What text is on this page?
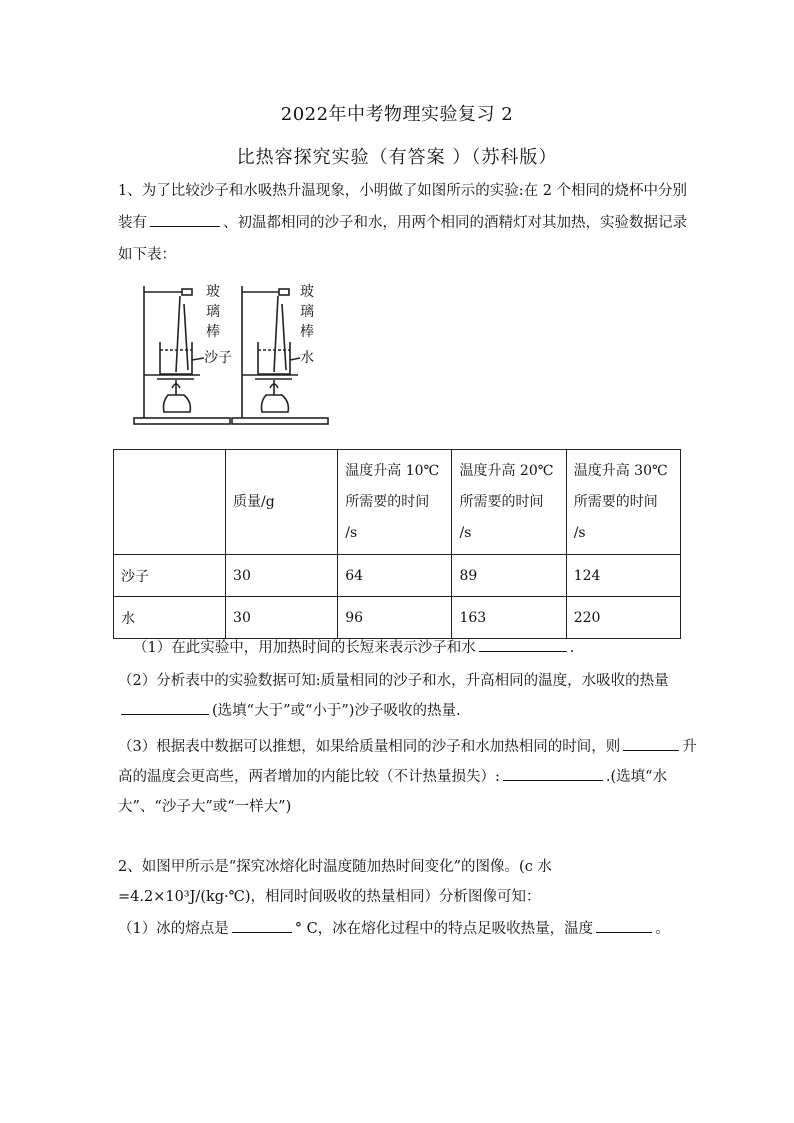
2022年中考物理实验复习 2
比热容探究实验（有答案 ）（苏科版）
1、为了比较沙子和水吸热升温现象，小明做了如图所示的实验:在 2 个相同的烧杯中分别装有	、初温都相同的沙子和水，用两个相同的酒精灯对其加热，实验数据记录如下表：
玻
璃
棒
沙子
玻
璃
棒
水
	质量/g	温度升高 10℃ 所需要的时间 /s	温度升高 20℃ 所需要的时间 /s	温度升高 30℃ 所需要的时间 /s
沙子	30	64	89	124
水	30	96	163	220
（1）在此实验中，用加热时间的长短来表示沙子和水	.
（2）分析表中的实验数据可知:质量相同的沙子和水，升高相同的温度，水吸收的热量(选填“大于”或“小于”)沙子吸收的热量.
（3）根据表中数据可以推想，如果给质量相同的沙子和水加热相同的时间，则	升高的温度会更高些，两者增加的内能比较（不计热量损失）:	.(选填“水大”、“沙子大”或“一样大”)
2、如图甲所示是“探究冰熔化时温度随加热时间变化”的图像。(c 水=4.2×10³J/(kg·℃)，相同时间吸收的热量相同）分析图像可知：
（1）冰的熔点是	° C，冰在熔化过程中的特点足吸收热量，温度	。
